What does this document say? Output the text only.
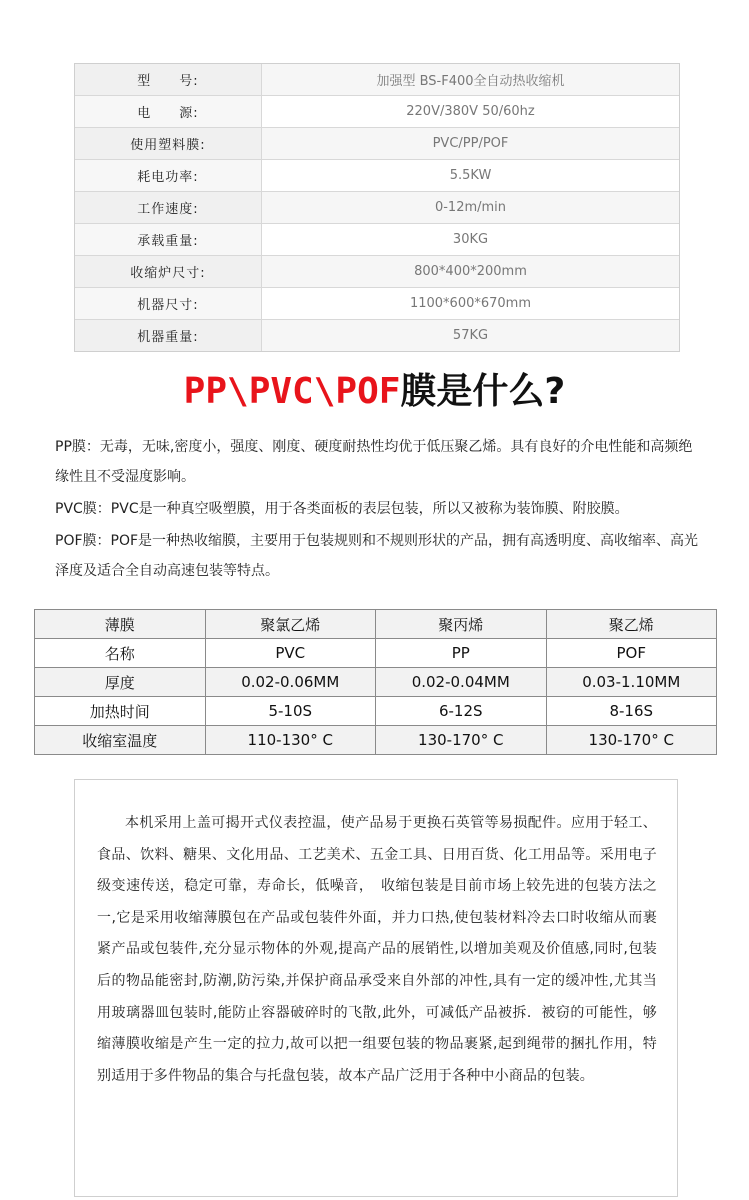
型　　号:	加强型 BS-F400全自动热收缩机
电　　源:	220V/380V 50/60hz
使用塑料膜:	PVC/PP/POF
耗电功率:	5.5KW
工作速度:	0-12m/min
承载重量:	30KG
收缩炉尺寸:	800*400*200mm
机器尺寸:	1100*600*670mm
机器重量:	57KG
PP\PVC\POF膜是什么?

PP膜：无毒，无味,密度小，强度、刚度、硬度耐热性均优于低压聚乙烯。具有良好的介电性能和高频绝缘性且不受湿度影响。

PVC膜：PVC是一种真空吸塑膜，用于各类面板的表层包装，所以又被称为装饰膜、附胶膜。

POF膜：POF是一种热收缩膜，主要用于包装规则和不规则形状的产品，拥有高透明度、高收缩率、高光泽度及适合全自动高速包装等特点。

薄膜	聚氯乙烯	聚丙烯	聚乙烯
名称	PVC	PP	POF
厚度	0.02-0.06MM	0.02-0.04MM	0.03-1.10MM
加热时间	5-10S	6-12S	8-16S
收缩室温度	110-130° C	130-170° C	130-170° C

本机采用上盖可揭开式仪表控温，使产品易于更换石英管等易损配件。应用于轻工、食品、饮料、糖果、文化用品、工艺美术、五金工具、日用百货、化工用品等。采用电子级变速传送，稳定可靠，寿命长，低噪音，　收缩包装是目前市场上较先进的包装方法之一,它是采用收缩薄膜包在产品或包装件外面，并力口热,使包装材料冷去口时收缩从而裹紧产品或包装件,充分显示物体的外观,提高产品的展销性,以增加美观及价值感,同时,包装后的物品能密封,防潮,防污染,并保护商品承受来自外部的冲性,具有一定的缓冲性,尤其当用玻璃器皿包装时,能防止容器破碎时的飞散,此外，可减低产品被拆．被窃的可能性，够缩薄膜收缩是产生一定的拉力,故可以把一组要包装的物品裹紧,起到绳带的捆扎作用，特别适用于多件物品的集合与托盘包装，故本产品广泛用于各种中小商品的包装。
